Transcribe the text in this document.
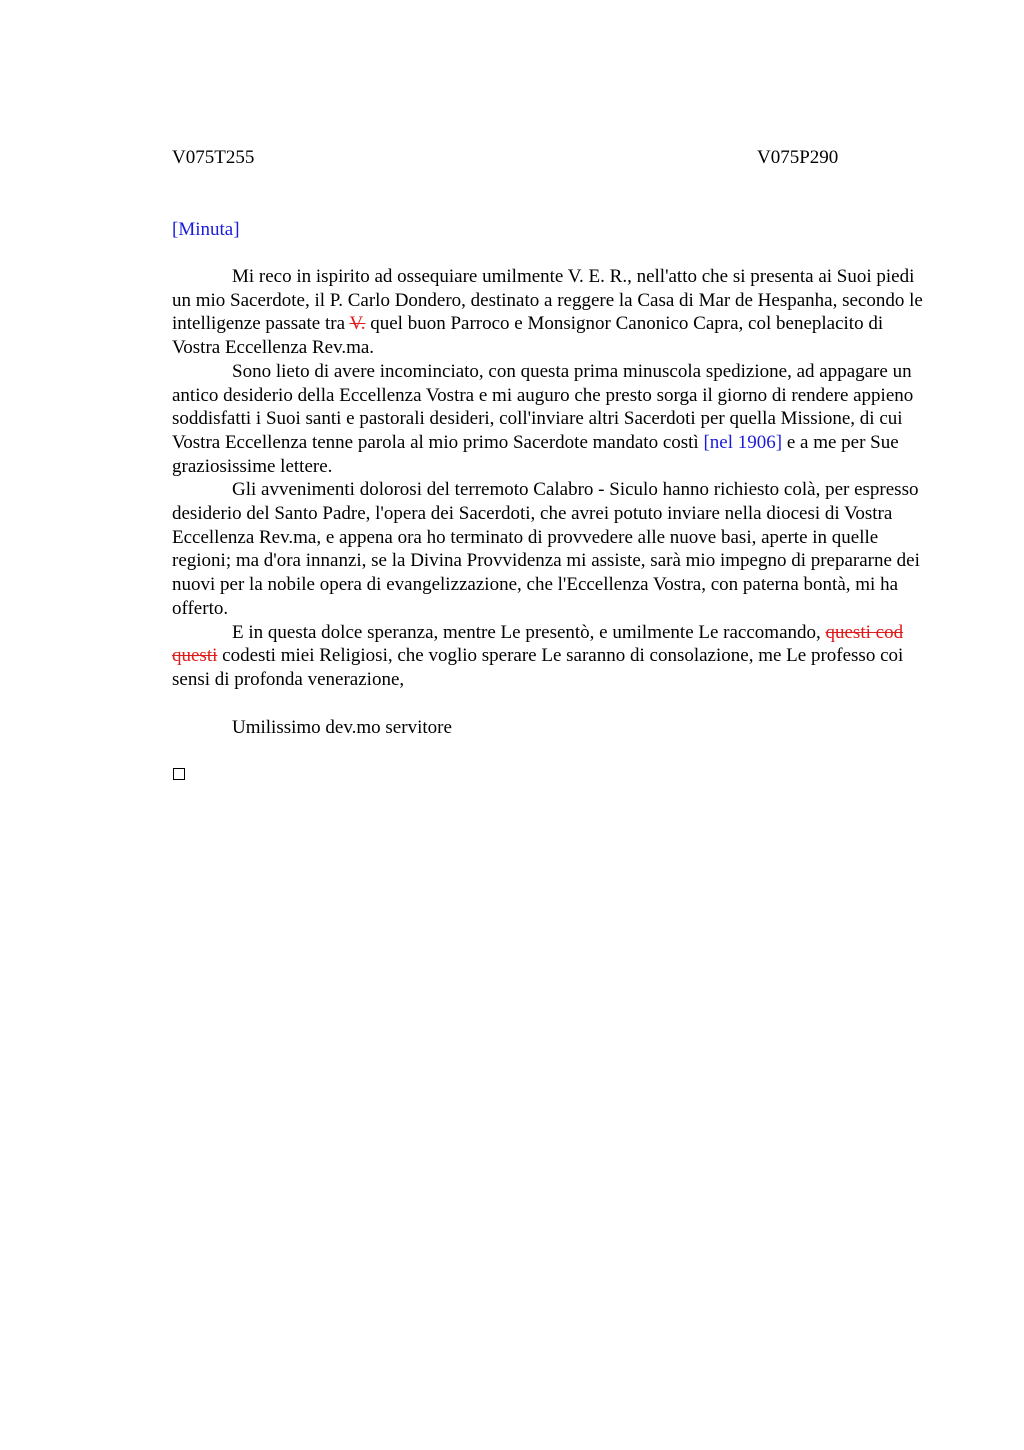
V075T255	V075P290
[Minuta]

Mi reco in ispirito ad ossequiare umilmente V. E. R., nell'atto che si presenta ai Suoi piedi un mio Sacerdote, il P. Carlo Dondero, destinato a reggere la Casa di Mar de Hespanha, secondo le intelligenze passate tra V. quel buon Parroco e Monsignor Canonico Capra, col beneplacito di Vostra Eccellenza Rev.ma.

Sono lieto di avere incominciato, con questa prima minuscola spedizione, ad appagare un antico desiderio della Eccellenza Vostra e mi auguro che presto sorga il giorno di rendere appieno soddisfatti i Suoi santi e pastorali desideri, coll'inviare altri Sacerdoti per quella Missione, di cui Vostra Eccellenza tenne parola al mio primo Sacerdote mandato costì [nel 1906] e a me per Sue graziosissime lettere.

Gli avvenimenti dolorosi del terremoto Calabro - Siculo hanno richiesto colà, per espresso desiderio del Santo Padre, l'opera dei Sacerdoti, che avrei potuto inviare nella diocesi di Vostra Eccellenza Rev.ma, e appena ora ho terminato di provvedere alle nuove basi, aperte in quelle regioni; ma d'ora innanzi, se la Divina Provvidenza mi assiste, sarà mio impegno di prepararne dei nuovi per la nobile opera di evangelizzazione, che l'Eccellenza Vostra, con paterna bontà, mi ha offerto.

E in questa dolce speranza, mentre Le presentò, e umilmente Le raccomando, questi cod questi codesti miei Religiosi, che voglio sperare Le saranno di consolazione, me Le professo coi sensi di profonda venerazione,

Umilissimo dev.mo servitore
